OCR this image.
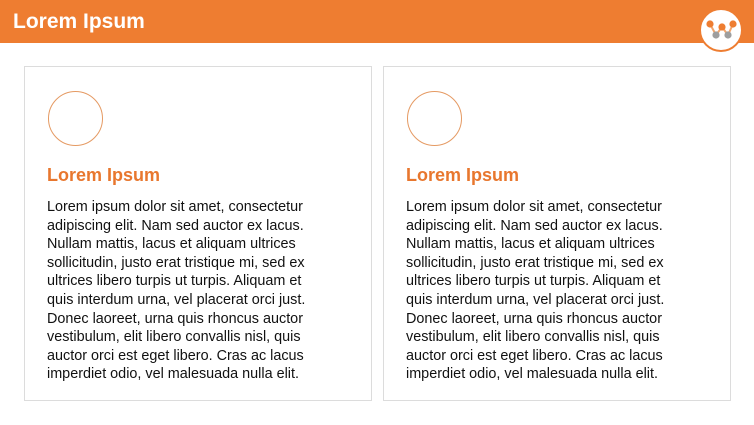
Lorem Ipsum
Lorem Ipsum
Lorem ipsum dolor sit amet, consectetur
adipiscing elit. Nam sed auctor ex lacus.
Nullam mattis, lacus et aliquam ultrices
sollicitudin, justo erat tristique mi, sed ex
ultrices libero turpis ut turpis. Aliquam et
quis interdum urna, vel placerat orci just.
Donec laoreet, urna quis rhoncus auctor
vestibulum, elit libero convallis nisl, quis
auctor orci est eget libero. Cras ac lacus
imperdiet odio, vel malesuada nulla elit.
Lorem Ipsum
Lorem ipsum dolor sit amet, consectetur
adipiscing elit. Nam sed auctor ex lacus.
Nullam mattis, lacus et aliquam ultrices
sollicitudin, justo erat tristique mi, sed ex
ultrices libero turpis ut turpis. Aliquam et
quis interdum urna, vel placerat orci just.
Donec laoreet, urna quis rhoncus auctor
vestibulum, elit libero convallis nisl, quis
auctor orci est eget libero. Cras ac lacus
imperdiet odio, vel malesuada nulla elit.
